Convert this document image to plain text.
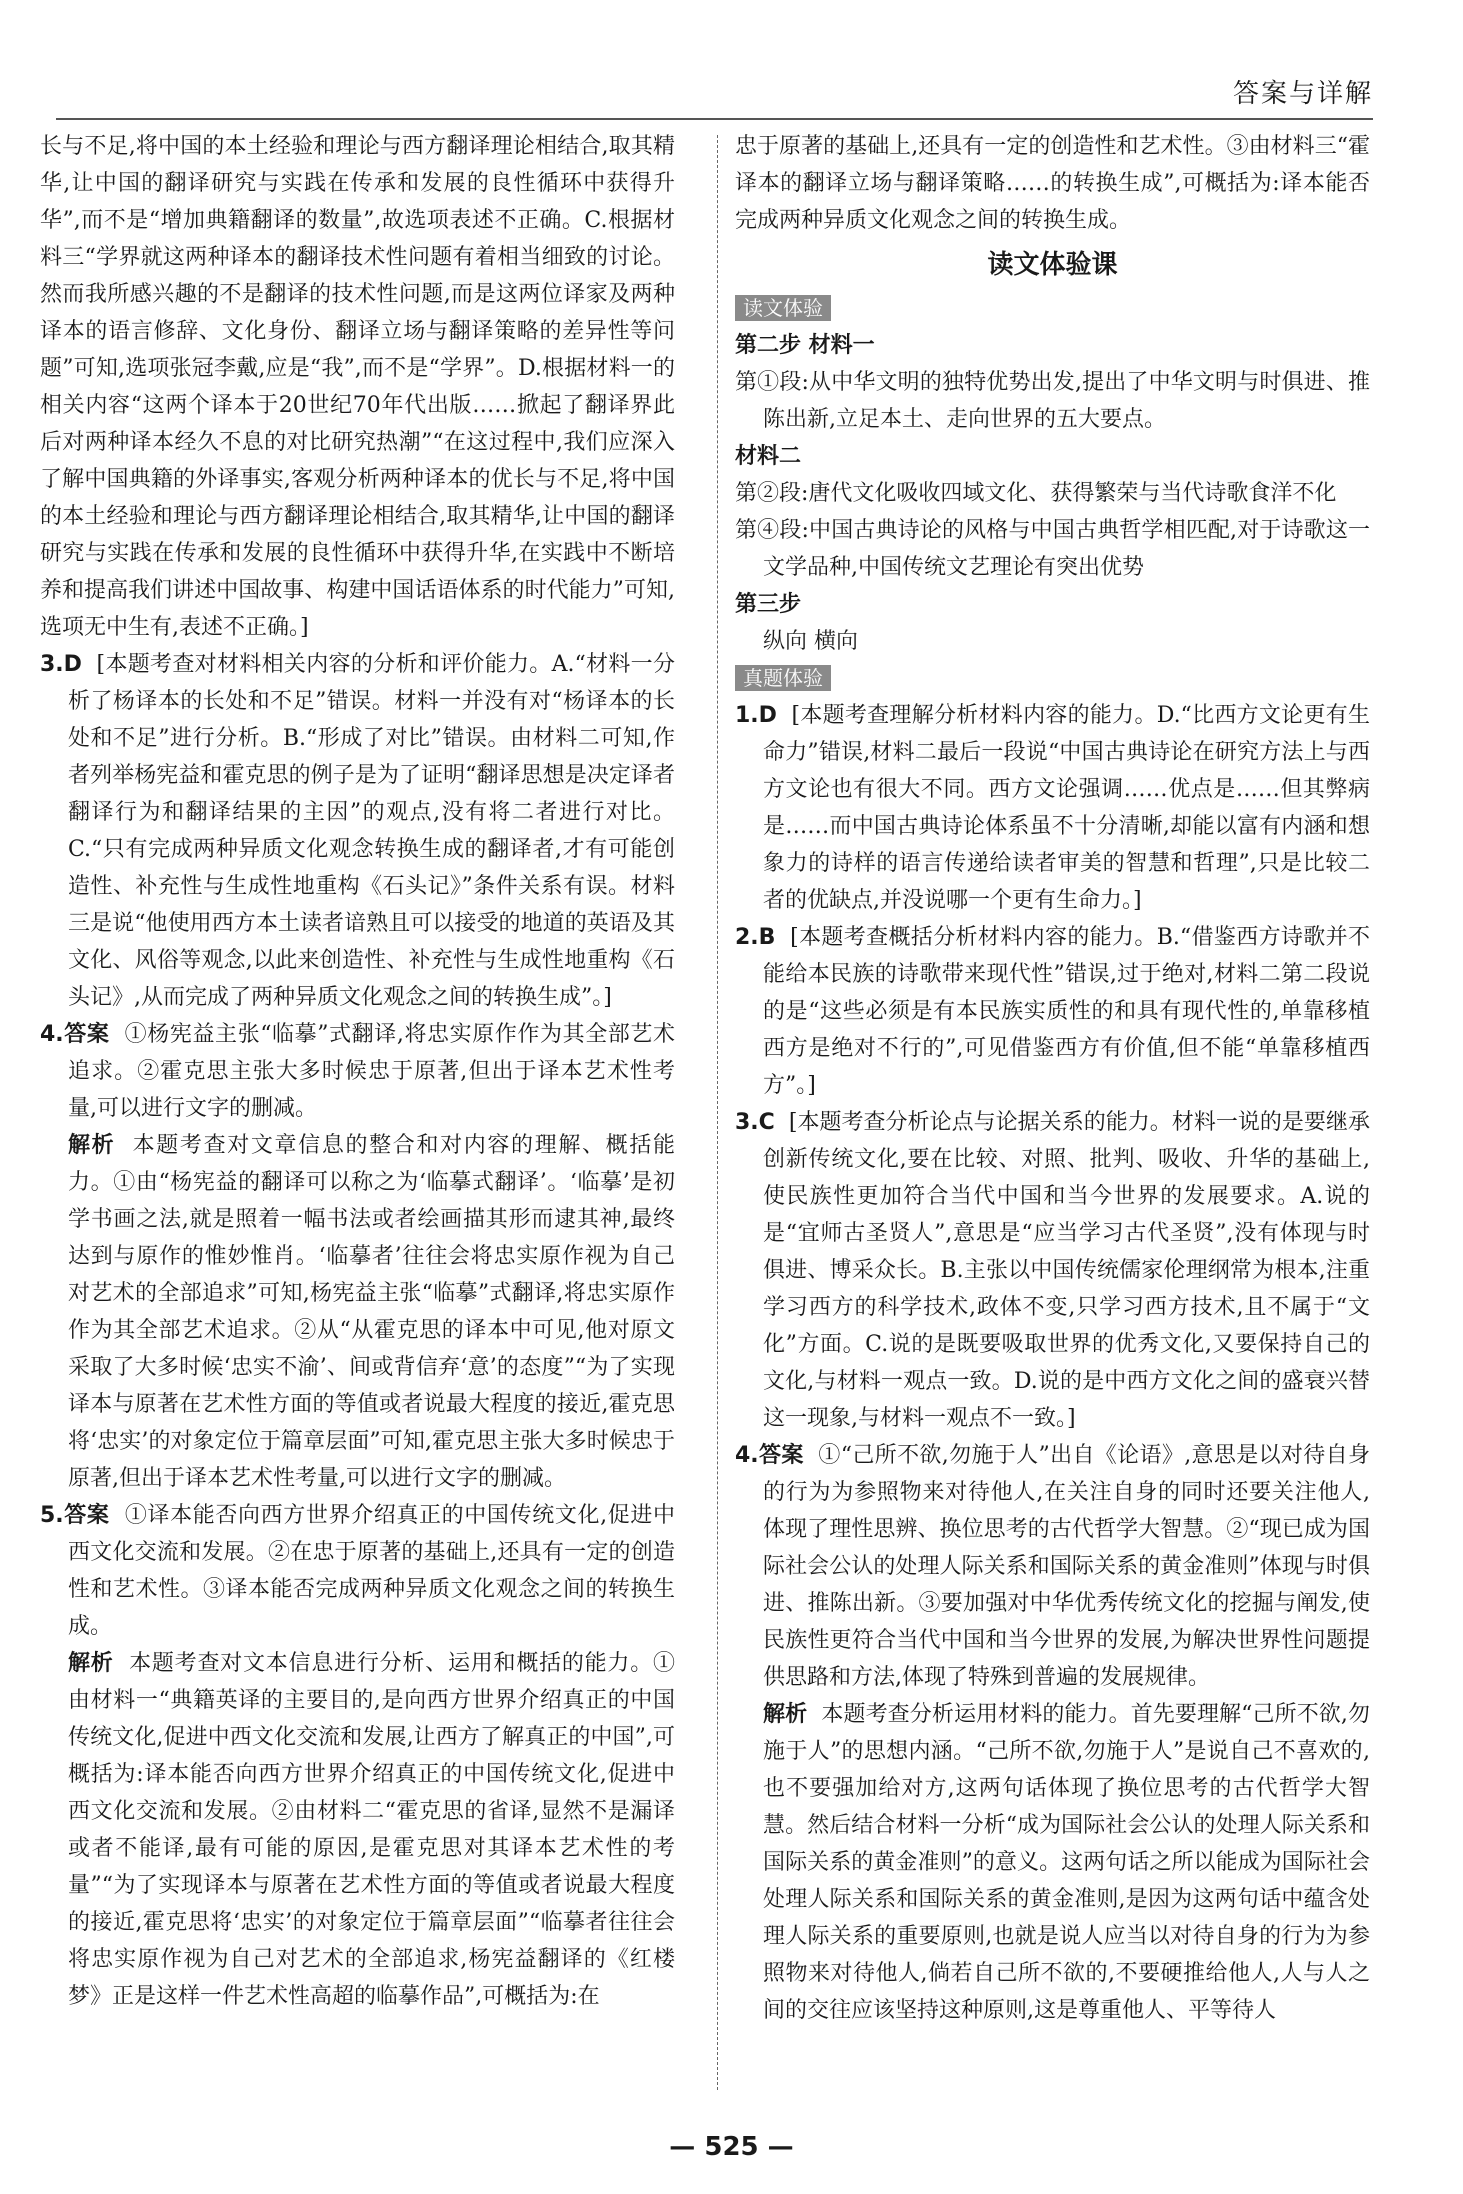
答案与详解

长与不足,将中国的本土经验和理论与西方翻译理论相结合,取其精华,让中国的翻译研究与实践在传承和发展的良性循环中获得升华”,而不是“增加典籍翻译的数量”,故选项表述不正确。C.根据材料三“学界就这两种译本的翻译技术性问题有着相当细致的讨论。然而我所感兴趣的不是翻译的技术性问题,而是这两位译家及两种译本的语言修辞、文化身份、翻译立场与翻译策略的差异性等问题”可知,选项张冠李戴,应是“我”,而不是“学界”。D.根据材料一的相关内容“这两个译本于20世纪70年代出版……掀起了翻译界此后对两种译本经久不息的对比研究热潮”“在这过程中,我们应深入了解中国典籍的外译事实,客观分析两种译本的优长与不足,将中国的本土经验和理论与西方翻译理论相结合,取其精华,让中国的翻译研究与实践在传承和发展的良性循环中获得升华,在实践中不断培养和提高我们讲述中国故事、构建中国话语体系的时代能力”可知,选项无中生有,表述不正确。]

3.D [本题考查对材料相关内容的分析和评价能力。A.“材料一分析了杨译本的长处和不足”错误。材料一并没有对“杨译本的长处和不足”进行分析。B.“形成了对比”错误。由材料二可知,作者列举杨宪益和霍克思的例子是为了证明“翻译思想是决定译者翻译行为和翻译结果的主因”的观点,没有将二者进行对比。C.“只有完成两种异质文化观念转换生成的翻译者,才有可能创造性、补充性与生成性地重构《石头记》”条件关系有误。材料三是说“他使用西方本土读者谙熟且可以接受的地道的英语及其文化、风俗等观念,以此来创造性、补充性与生成性地重构《石头记》,从而完成了两种异质文化观念之间的转换生成”。]

4.答案 ①杨宪益主张“临摹”式翻译,将忠实原作作为其全部艺术追求。②霍克思主张大多时候忠于原著,但出于译本艺术性考量,可以进行文字的删减。

解析 本题考查对文章信息的整合和对内容的理解、概括能力。①由“杨宪益的翻译可以称之为‘临摹式翻译’。‘临摹’是初学书画之法,就是照着一幅书法或者绘画描其形而逮其神,最终达到与原作的惟妙惟肖。‘临摹者’往往会将忠实原作视为自己对艺术的全部追求”可知,杨宪益主张“临摹”式翻译,将忠实原作作为其全部艺术追求。②从“从霍克思的译本中可见,他对原文采取了大多时候‘忠实不渝’、间或背信弃‘意’的态度”“为了实现译本与原著在艺术性方面的等值或者说最大程度的接近,霍克思将‘忠实’的对象定位于篇章层面”可知,霍克思主张大多时候忠于原著,但出于译本艺术性考量,可以进行文字的删减。

5.答案 ①译本能否向西方世界介绍真正的中国传统文化,促进中西文化交流和发展。②在忠于原著的基础上,还具有一定的创造性和艺术性。③译本能否完成两种异质文化观念之间的转换生成。

解析 本题考查对文本信息进行分析、运用和概括的能力。①由材料一“典籍英译的主要目的,是向西方世界介绍真正的中国传统文化,促进中西文化交流和发展,让西方了解真正的中国”,可概括为:译本能否向西方世界介绍真正的中国传统文化,促进中西文化交流和发展。②由材料二“霍克思的省译,显然不是漏译或者不能译,最有可能的原因,是霍克思对其译本艺术性的考量”“为了实现译本与原著在艺术性方面的等值或者说最大程度的接近,霍克思将‘忠实’的对象定位于篇章层面”“临摹者往往会将忠实原作视为自己对艺术的全部追求,杨宪益翻译的《红楼梦》正是这样一件艺术性高超的临摹作品”,可概括为:在

忠于原著的基础上,还具有一定的创造性和艺术性。③由材料三“霍译本的翻译立场与翻译策略……的转换生成”,可概括为:译本能否完成两种异质文化观念之间的转换生成。

读文体验课
读文体验

第二步 材料一

第①段:从中华文明的独特优势出发,提出了中华文明与时俱进、推陈出新,立足本土、走向世界的五大要点。

材料二

第②段:唐代文化吸收四域文化、获得繁荣与当代诗歌食洋不化

第④段:中国古典诗论的风格与中国古典哲学相匹配,对于诗歌这一文学品种,中国传统文艺理论有突出优势

第三步

纵向 横向

真题体验

1.D [本题考查理解分析材料内容的能力。D.“比西方文论更有生命力”错误,材料二最后一段说“中国古典诗论在研究方法上与西方文论也有很大不同。西方文论强调……优点是……但其弊病是……而中国古典诗论体系虽不十分清晰,却能以富有内涵和想象力的诗样的语言传递给读者审美的智慧和哲理”,只是比较二者的优缺点,并没说哪一个更有生命力。]

2.B [本题考查概括分析材料内容的能力。B.“借鉴西方诗歌并不能给本民族的诗歌带来现代性”错误,过于绝对,材料二第二段说的是“这些必须是有本民族实质性的和具有现代性的,单靠移植西方是绝对不行的”,可见借鉴西方有价值,但不能“单靠移植西方”。]

3.C [本题考查分析论点与论据关系的能力。材料一说的是要继承创新传统文化,要在比较、对照、批判、吸收、升华的基础上,使民族性更加符合当代中国和当今世界的发展要求。A.说的是“宜师古圣贤人”,意思是“应当学习古代圣贤”,没有体现与时俱进、博采众长。B.主张以中国传统儒家伦理纲常为根本,注重学习西方的科学技术,政体不变,只学习西方技术,且不属于“文化”方面。C.说的是既要吸取世界的优秀文化,又要保持自己的文化,与材料一观点一致。D.说的是中西方文化之间的盛衰兴替这一现象,与材料一观点不一致。]

4.答案 ①“己所不欲,勿施于人”出自《论语》,意思是以对待自身的行为为参照物来对待他人,在关注自身的同时还要关注他人,体现了理性思辨、换位思考的古代哲学大智慧。②“现已成为国际社会公认的处理人际关系和国际关系的黄金准则”体现与时俱进、推陈出新。③要加强对中华优秀传统文化的挖掘与阐发,使民族性更符合当代中国和当今世界的发展,为解决世界性问题提供思路和方法,体现了特殊到普遍的发展规律。

解析 本题考查分析运用材料的能力。首先要理解“己所不欲,勿施于人”的思想内涵。“己所不欲,勿施于人”是说自己不喜欢的,也不要强加给对方,这两句话体现了换位思考的古代哲学大智慧。然后结合材料一分析“成为国际社会公认的处理人际关系和国际关系的黄金准则”的意义。这两句话之所以能成为国际社会处理人际关系和国际关系的黄金准则,是因为这两句话中蕴含处理人际关系的重要原则,也就是说人应当以对待自身的行为为参照物来对待他人,倘若自己所不欲的,不要硬推给他人,人与人之间的交往应该坚持这种原则,这是尊重他人、平等待人

— 525 —
